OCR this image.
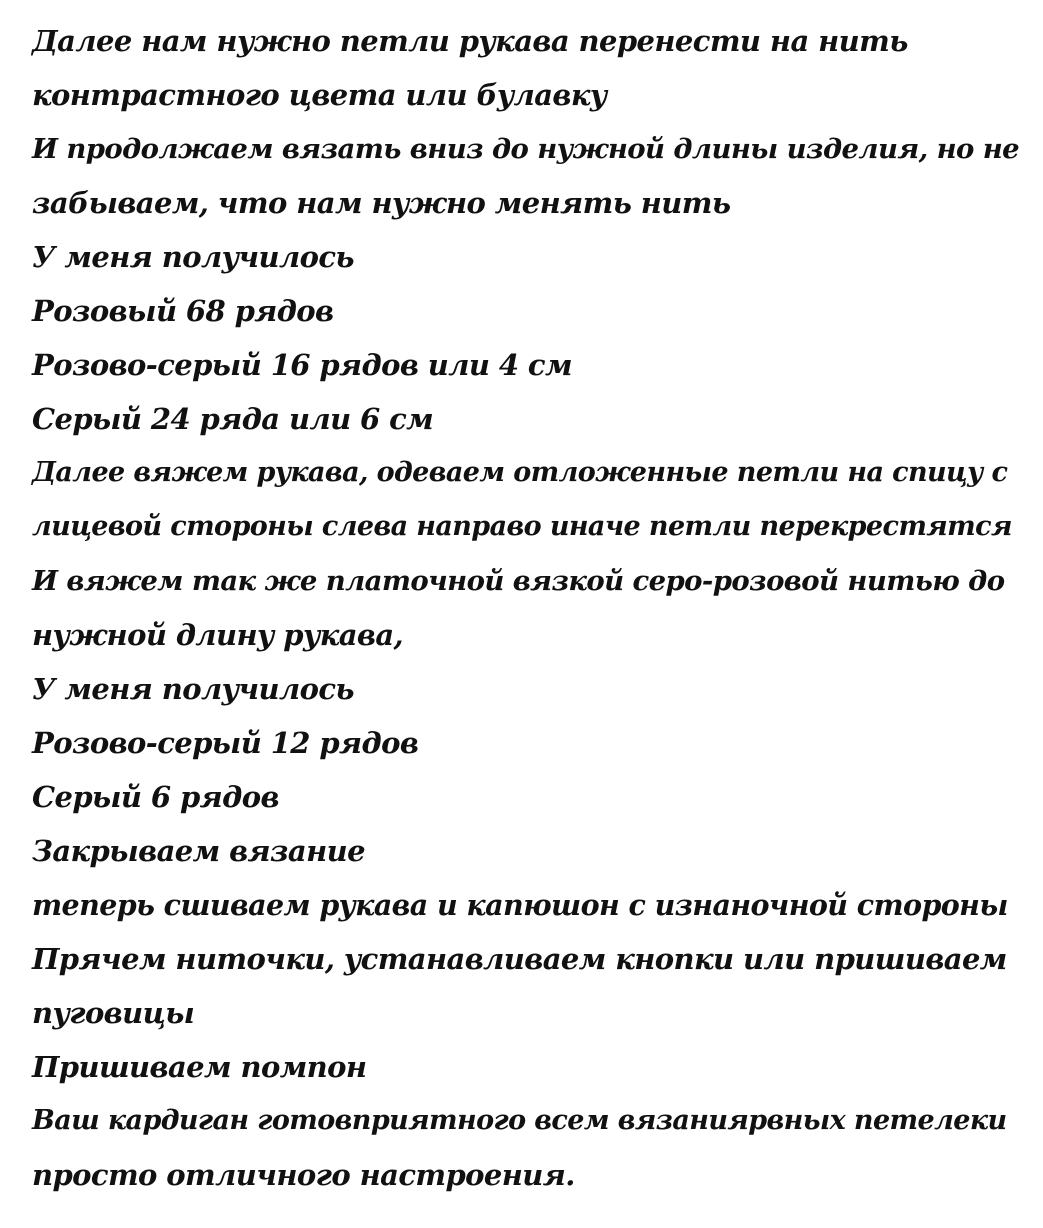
Далее нам нужно петли рукава перенести на нить
контрастного цвета или булавку
И продолжаем вязать вниз до нужной длины изделия, но не
забываем, что нам нужно менять нить
У меня получилось
Розовый 68 рядов
Розово-серый 16 рядов или 4 см
Серый 24 ряда или 6 см
Далее вяжем рукава, одеваем отложенные петли на спицу с
лицевой стороны слева направо иначе петли перекрестятся
И вяжем так же платочной вязкой серо-розовой нитью до
нужной длину рукава,
У меня получилось
Розово-серый 12 рядов
Серый 6 рядов
Закрываем вязание
теперь сшиваем рукава и капюшон с изнаночной стороны
Прячем ниточки, устанавливаем кнопки или пришиваем
пуговицы
Пришиваем помпон
Ваш кардиган готовприятного всем вязаниярвных петелеки
просто отличного настроения.
